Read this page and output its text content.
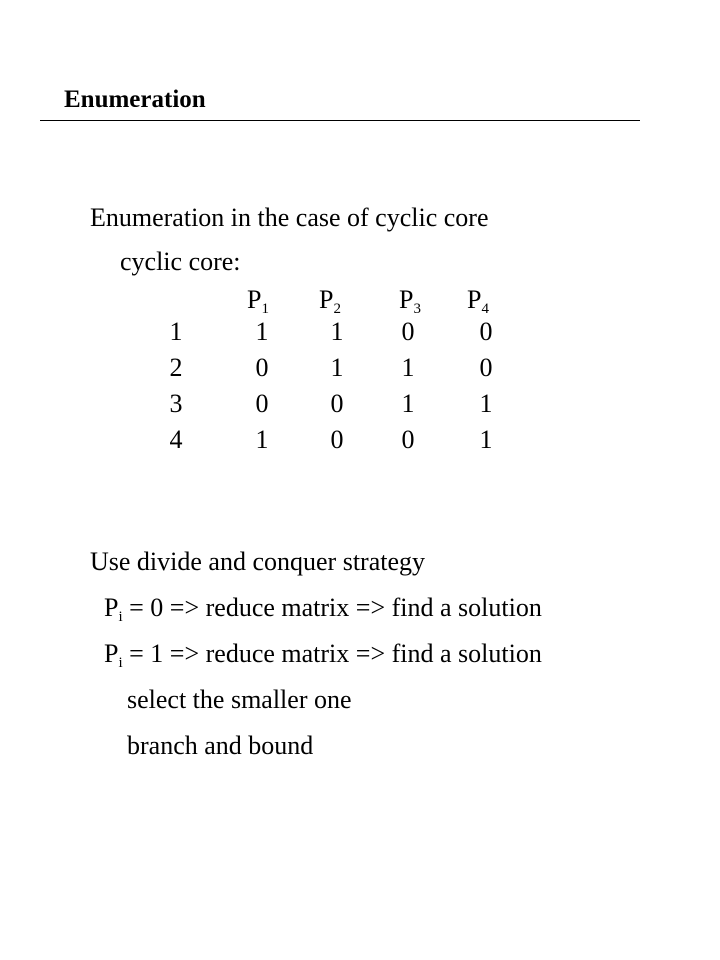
Enumeration
Enumeration in the case of cyclic core
cyclic core:
$P_1$ $P_2$ $P_3$ $P_4$
1	1 1 0	0
2	0 1 1	0
3	0 0 1	1
4	1 0 0	1
Use divide and conquer strategy
$P_i = 0$ => reduce matrix => find a solution
$P_i = 1$ => reduce matrix => find a solution
select the smaller one
branch and bound
